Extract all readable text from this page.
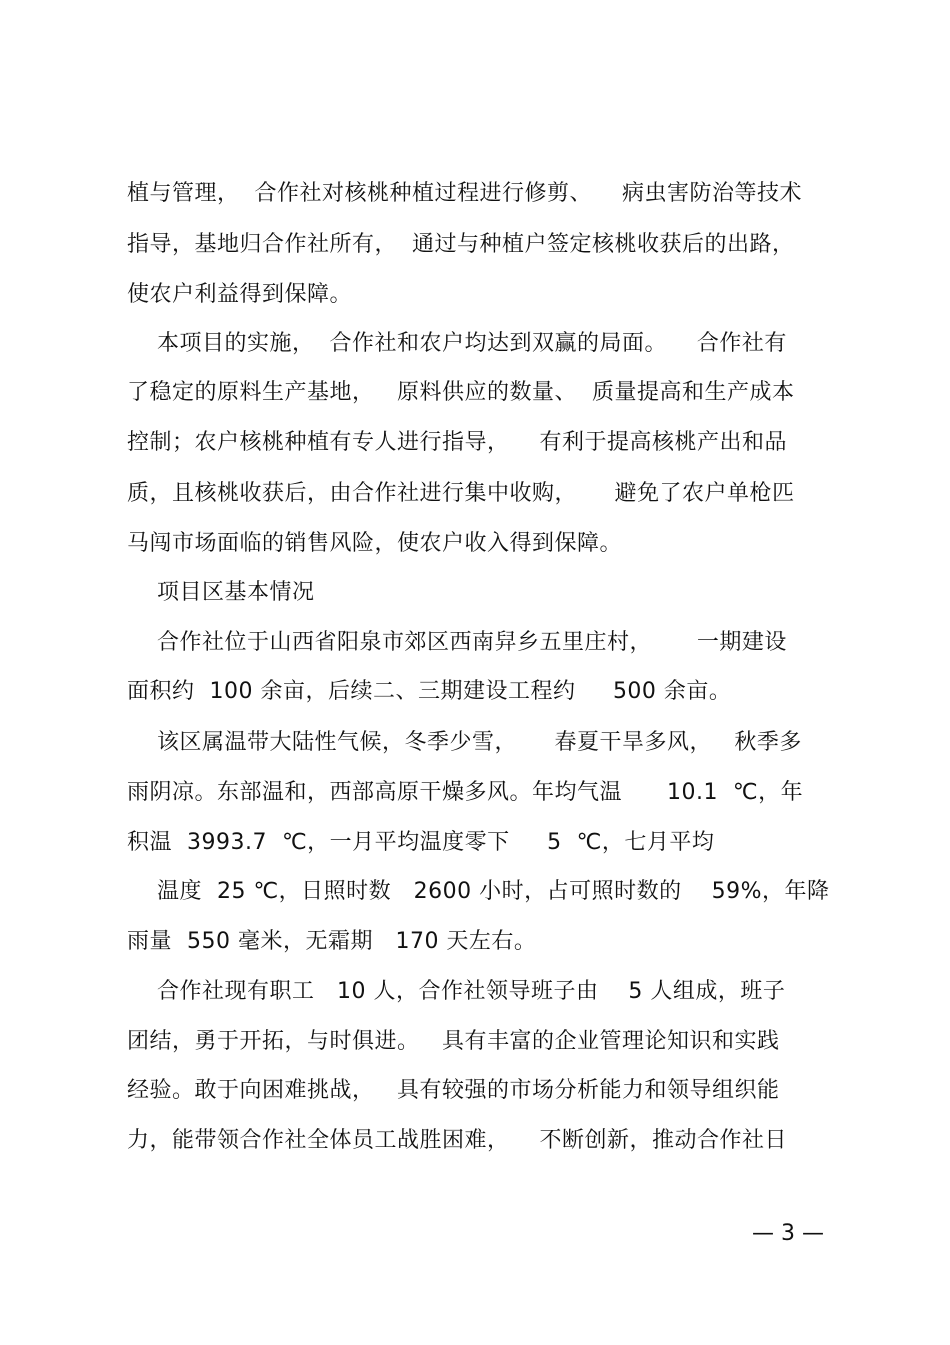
植与管理，  合作社对核桃种植过程进行修剪、    病虫害防治等技术
指导，基地归合作社所有，  通过与种植户签定核桃收获后的出路，
使农户利益得到保障。
本项目的实施，  合作社和农户均达到双赢的局面。    合作社有
了稳定的原料生产基地，   原料供应的数量、  质量提高和生产成本
控制；农户核桃种植有专人进行指导，    有利于提高核桃产出和品
质，且核桃收获后，由合作社进行集中收购，     避免了农户单枪匹
马闯市场面临的销售风险，使农户收入得到保障。
项目区基本情况
合作社位于山西省阳泉市郊区西南舁乡五里庄村，      一期建设
面积约  100 余亩，后续二、三期建设工程约     500 余亩。
该区属温带大陆性气候，冬季少雪，     春夏干旱多风，   秋季多
雨阴凉。东部温和，西部高原干燥多风。年均气温      10.1  ℃，年
积温  3993.7  ℃，一月平均温度零下     5  ℃，七月平均
温度  25 ℃，日照时数   2600 小时，占可照时数的    59%，年降
雨量  550 毫米，无霜期   170 天左右。
合作社现有职工   10 人，合作社领导班子由    5 人组成，班子
团结，勇于开拓，与时俱进。   具有丰富的企业管理论知识和实践
经验。敢于向困难挑战，   具有较强的市场分析能力和领导组织能
力，能带领合作社全体员工战胜困难，    不断创新，推动合作社日
— 3 —
